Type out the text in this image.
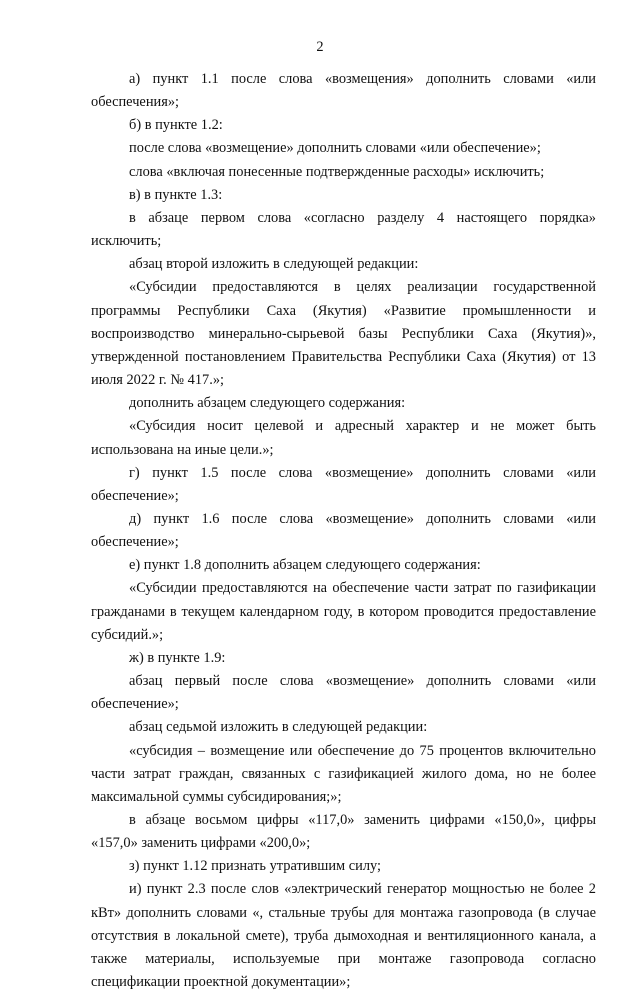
2

а) пункт 1.1 после слова «возмещения» дополнить словами «или обеспечения»;

б) в пункте 1.2:

после слова «возмещение» дополнить словами «или обеспечение»;

слова «включая понесенные подтвержденные расходы» исключить;

в) в пункте 1.3:

в абзаце первом слова «согласно разделу 4 настоящего порядка» исключить;

абзац второй изложить в следующей редакции:

«Субсидии предоставляются в целях реализации государственной программы Республики Саха (Якутия) «Развитие промышленности и воспроизводство минерально-сырьевой базы Республики Саха (Якутия)», утвержденной постановлением Правительства Республики Саха (Якутия) от 13 июля 2022 г. № 417.»;

дополнить абзацем следующего содержания:

«Субсидия носит целевой и адресный характер и не может быть использована на иные цели.»;

г) пункт 1.5 после слова «возмещение» дополнить словами «или обеспечение»;

д) пункт 1.6 после слова «возмещение» дополнить словами «или обеспечение»;

е) пункт 1.8 дополнить абзацем следующего содержания:

«Субсидии предоставляются на обеспечение части затрат по газификации гражданами в текущем календарном году, в котором проводится предоставление субсидий.»;

ж) в пункте 1.9:

абзац первый после слова «возмещение» дополнить словами «или обеспечение»;

абзац седьмой изложить в следующей редакции:

«субсидия – возмещение или обеспечение до 75 процентов включительно части затрат граждан, связанных с газификацией жилого дома, но не более максимальной суммы субсидирования;»;

в абзаце восьмом цифры «117,0» заменить цифрами «150,0», цифры «157,0» заменить цифрами «200,0»;

з) пункт 1.12 признать утратившим силу;

и) пункт 2.3 после слов «электрический генератор мощностью не более 2 кВт» дополнить словами «, стальные трубы для монтажа газопровода (в случае отсутствия в локальной смете), труба дымоходная и вентиляционного канала, а также материалы, используемые при монтаже газопровода согласно спецификации проектной документации»;
